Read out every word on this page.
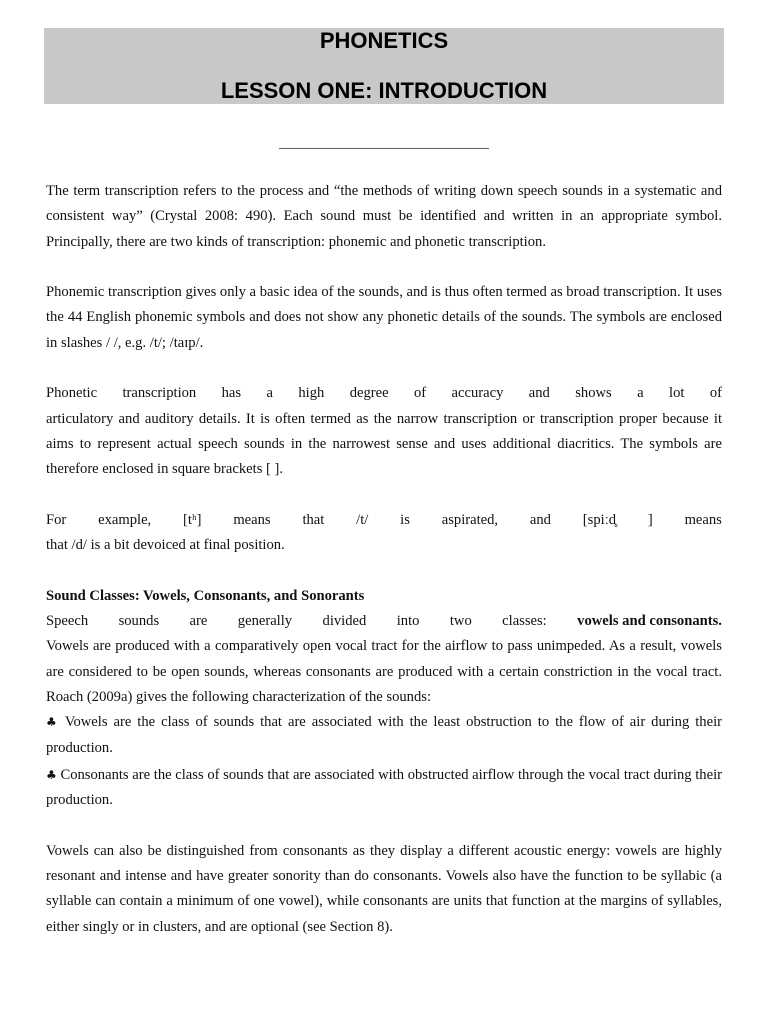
PHONETICS
LESSON ONE: INTRODUCTION
______________________________

The term transcription refers to the process and “the methods of writing down speech sounds in a systematic and consistent way” (Crystal 2008: 490). Each sound must be identified and written in an appropriate symbol. Principally, there are two kinds of transcription: phonemic and phonetic transcription.

Phonemic transcription gives only a basic idea of the sounds, and is thus often termed as broad transcription. It uses the 44 English phonemic symbols and does not show any phonetic details of the sounds. The symbols are enclosed in slashes / /, e.g. /t/; /taɪp/.

Phonetic transcription has a high degree of accuracy and shows a lot of

articulatory and auditory details. It is often termed as the narrow transcription or transcription proper because it aims to represent actual speech sounds in the narrowest sense and uses additional diacritics. The symbols are therefore enclosed in square brackets [ ].

For example, [tʰ] means that /t/ is aspirated, and [spiːd̥ ] means

that /d/ is a bit devoiced at final position.

Sound Classes: Vowels, Consonants, and Sonorants

Speech sounds are generally divided into two classes: vowels and consonants.

Vowels are produced with a comparatively open vocal tract for the airflow to pass unimpeded. As a result, vowels are considered to be open sounds, whereas consonants are produced with a certain constriction in the vocal tract. Roach (2009a) gives the following characterization of the sounds:

♣ Vowels are the class of sounds that are associated with the least obstruction to the flow of air during their production.

♣ Consonants are the class of sounds that are associated with obstructed airflow through the vocal tract during their production.

Vowels can also be distinguished from consonants as they display a different acoustic energy: vowels are highly resonant and intense and have greater sonority than do consonants. Vowels also have the function to be syllabic (a syllable can contain a minimum of one vowel), while consonants are units that function at the margins of syllables, either singly or in clusters, and are optional (see Section 8).
